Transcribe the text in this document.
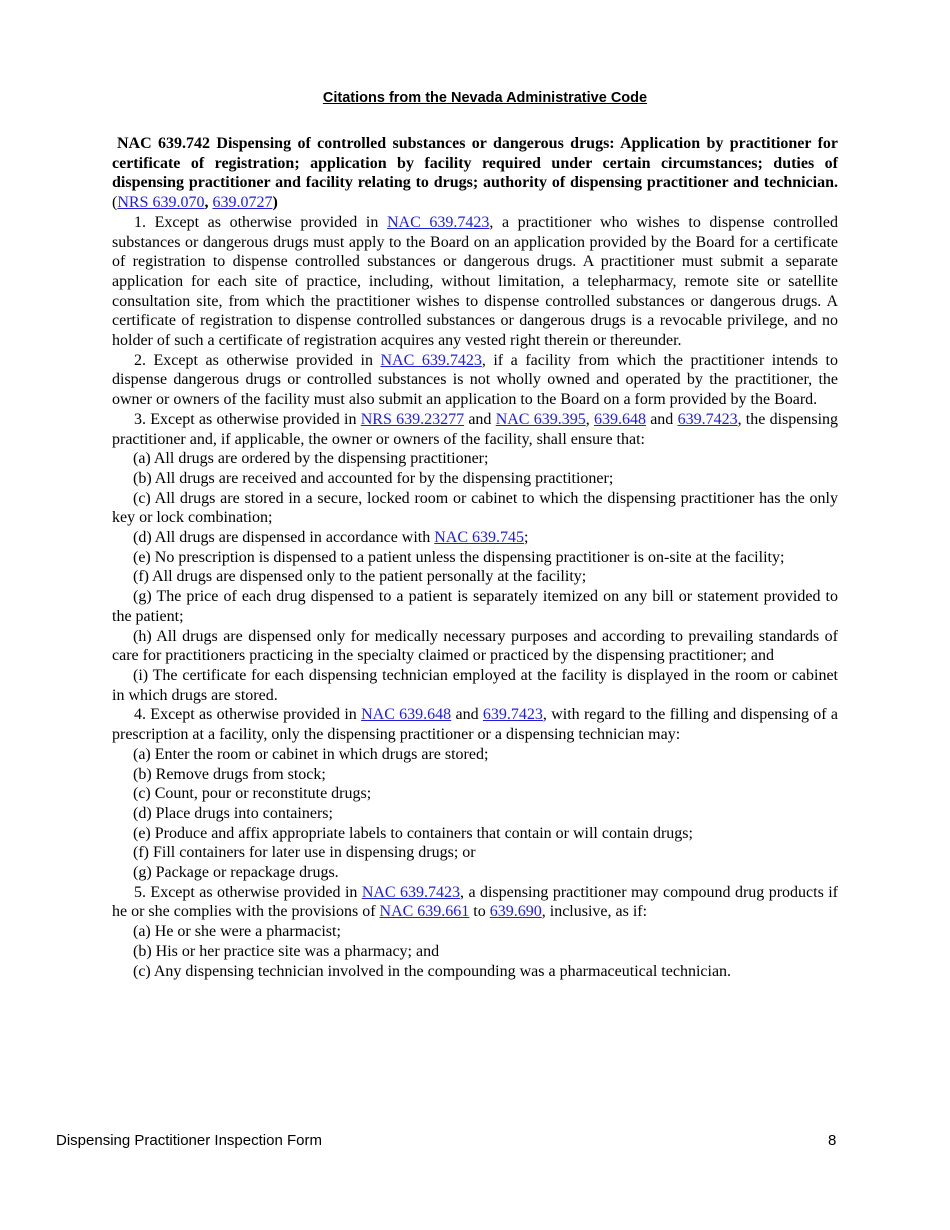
Citations from the Nevada Administrative Code

NAC 639.742 Dispensing of controlled substances or dangerous drugs: Application by practitioner for certificate of registration; application by facility required under certain circumstances; duties of dispensing practitioner and facility relating to drugs; authority of dispensing practitioner and technician. (NRS 639.070, 639.0727)

1. Except as otherwise provided in NAC 639.7423, a practitioner who wishes to dispense controlled substances or dangerous drugs must apply to the Board on an application provided by the Board for a certificate of registration to dispense controlled substances or dangerous drugs. A practitioner must submit a separate application for each site of practice, including, without limitation, a telepharmacy, remote site or satellite consultation site, from which the practitioner wishes to dispense controlled substances or dangerous drugs. A certificate of registration to dispense controlled substances or dangerous drugs is a revocable privilege, and no holder of such a certificate of registration acquires any vested right therein or thereunder.

2. Except as otherwise provided in NAC 639.7423, if a facility from which the practitioner intends to dispense dangerous drugs or controlled substances is not wholly owned and operated by the practitioner, the owner or owners of the facility must also submit an application to the Board on a form provided by the Board.

3. Except as otherwise provided in NRS 639.23277 and NAC 639.395, 639.648 and 639.7423, the dispensing practitioner and, if applicable, the owner or owners of the facility, shall ensure that:

(a) All drugs are ordered by the dispensing practitioner;

(b) All drugs are received and accounted for by the dispensing practitioner;

(c) All drugs are stored in a secure, locked room or cabinet to which the dispensing practitioner has the only key or lock combination;

(d) All drugs are dispensed in accordance with NAC 639.745;

(e) No prescription is dispensed to a patient unless the dispensing practitioner is on-site at the facility;

(f) All drugs are dispensed only to the patient personally at the facility;

(g) The price of each drug dispensed to a patient is separately itemized on any bill or statement provided to the patient;

(h) All drugs are dispensed only for medically necessary purposes and according to prevailing standards of care for practitioners practicing in the specialty claimed or practiced by the dispensing practitioner; and

(i) The certificate for each dispensing technician employed at the facility is displayed in the room or cabinet in which drugs are stored.

4. Except as otherwise provided in NAC 639.648 and 639.7423, with regard to the filling and dispensing of a prescription at a facility, only the dispensing practitioner or a dispensing technician may:

(a) Enter the room or cabinet in which drugs are stored;

(b) Remove drugs from stock;

(c) Count, pour or reconstitute drugs;

(d) Place drugs into containers;

(e) Produce and affix appropriate labels to containers that contain or will contain drugs;

(f) Fill containers for later use in dispensing drugs; or

(g) Package or repackage drugs.

5. Except as otherwise provided in NAC 639.7423, a dispensing practitioner may compound drug products if he or she complies with the provisions of NAC 639.661 to 639.690, inclusive, as if:

(a) He or she were a pharmacist;

(b) His or her practice site was a pharmacy; and

(c) Any dispensing technician involved in the compounding was a pharmaceutical technician.

Dispensing Practitioner Inspection Form	8
